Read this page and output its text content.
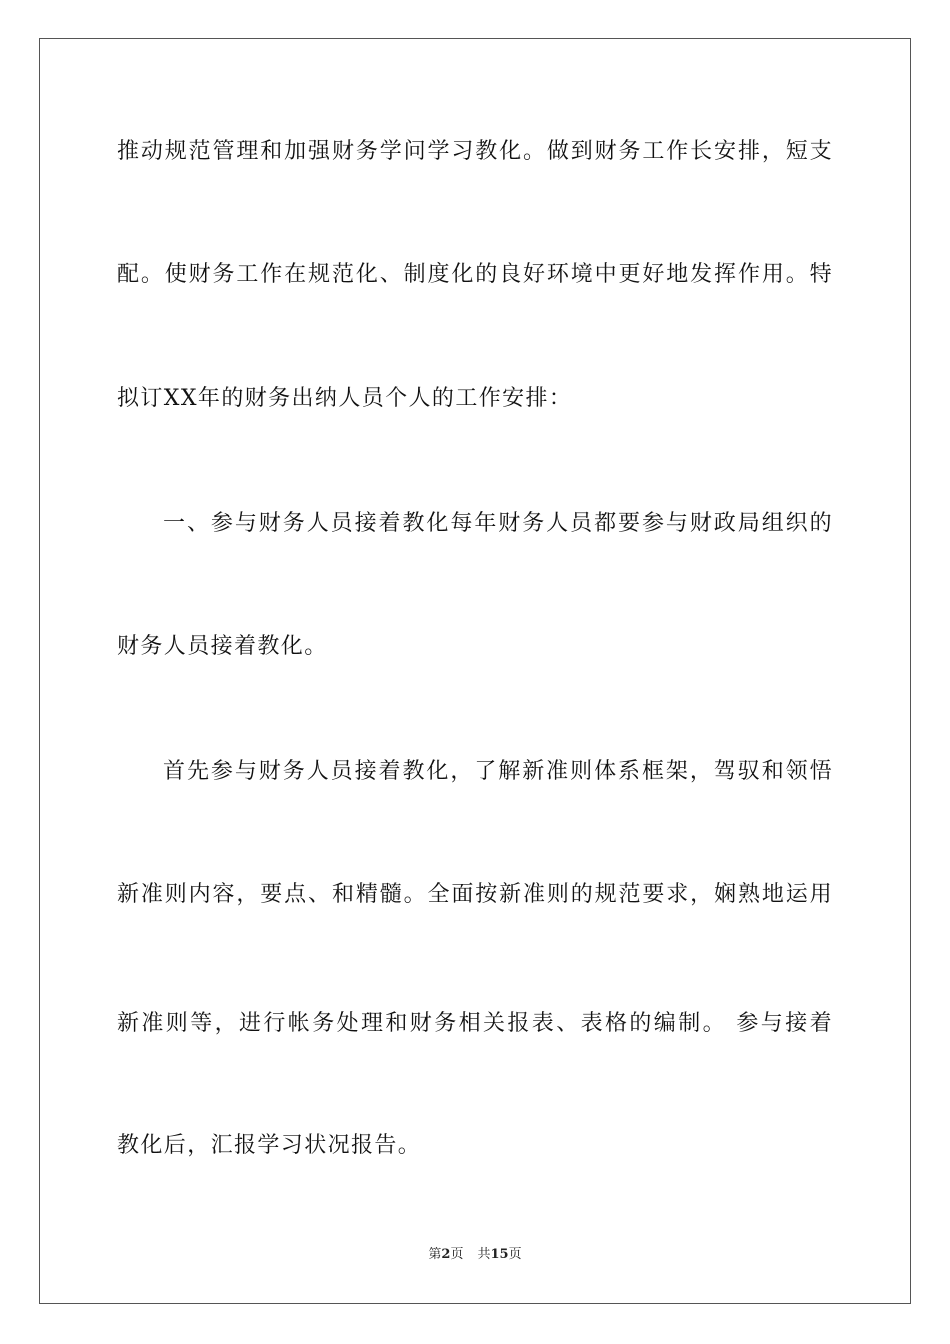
推动规范管理和加强财务学问学习教化。做到财务工作长安排，短支
配。使财务工作在规范化、制度化的良好环境中更好地发挥作用。特
拟订XX年的财务出纳人员个人的工作安排：
一、参与财务人员接着教化每年财务人员都要参与财政局组织的
财务人员接着教化。
首先参与财务人员接着教化，了解新准则体系框架，驾驭和领悟
新准则内容，要点、和精髓。全面按新准则的规范要求，娴熟地运用
新准则等，进行帐务处理和财务相关报表、表格的编制。 参与接着
教化后，汇报学习状况报告。
第2页 共15页
